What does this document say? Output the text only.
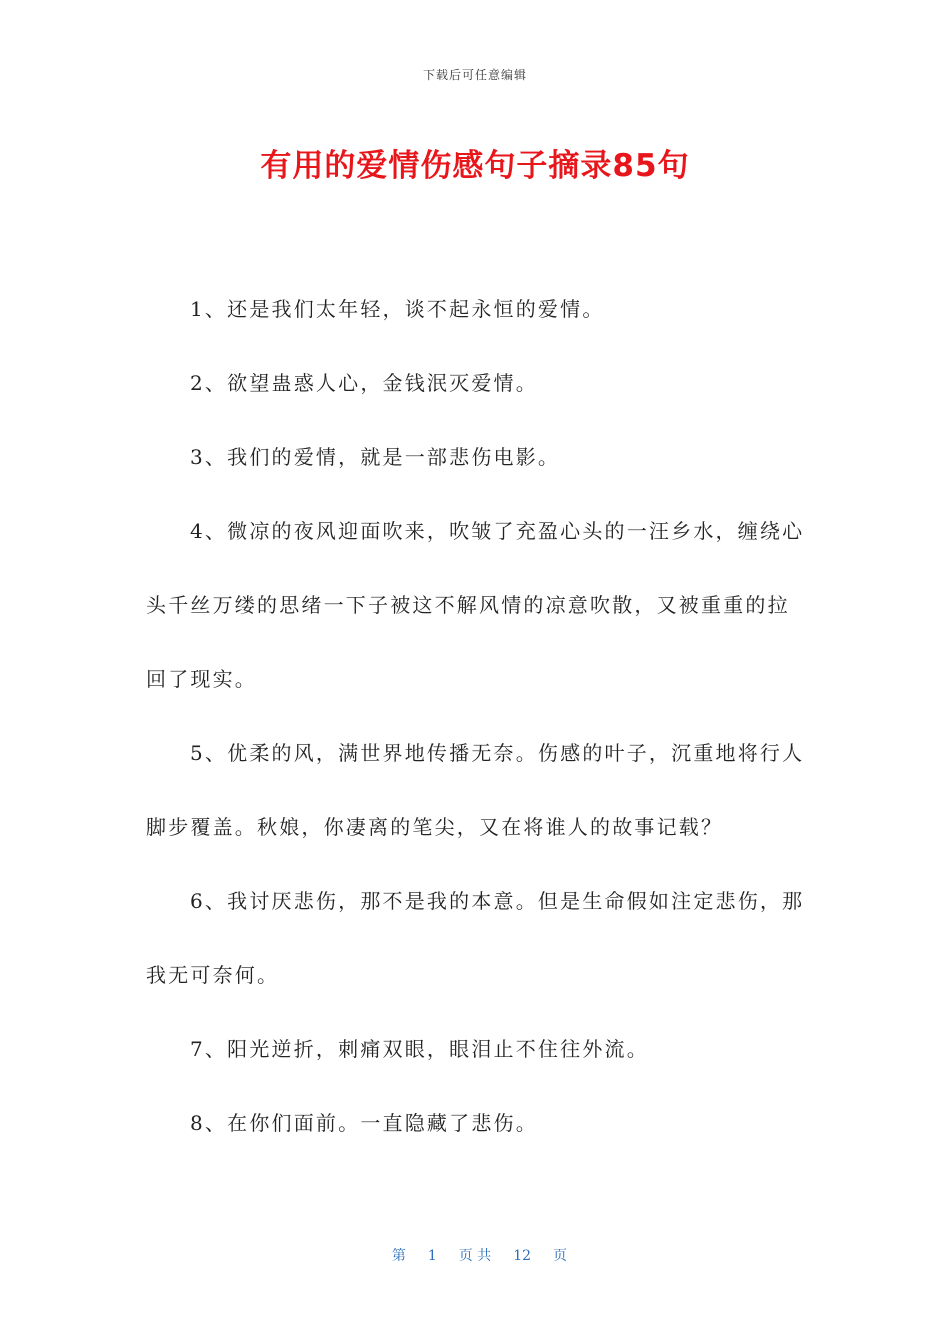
下载后可任意编辑
有用的爱情伤感句子摘录85句

1、还是我们太年轻，谈不起永恒的爱情。

2、欲望蛊惑人心，金钱泯灭爱情。

3、我们的爱情，就是一部悲伤电影。

4、微凉的夜风迎面吹来，吹皱了充盈心头的一汪乡水，缠绕心头千丝万缕的思绪一下子被这不解风情的凉意吹散，又被重重的拉回了现实。

5、优柔的风，满世界地传播无奈。伤感的叶子，沉重地将行人脚步覆盖。秋娘，你凄离的笔尖，又在将谁人的故事记载？

6、我讨厌悲伤，那不是我的本意。但是生命假如注定悲伤，那我无可奈何。

7、阳光逆折，刺痛双眼，眼泪止不住往外流。

8、在你们面前。一直隐藏了悲伤。

第 1 页 共 12 页
